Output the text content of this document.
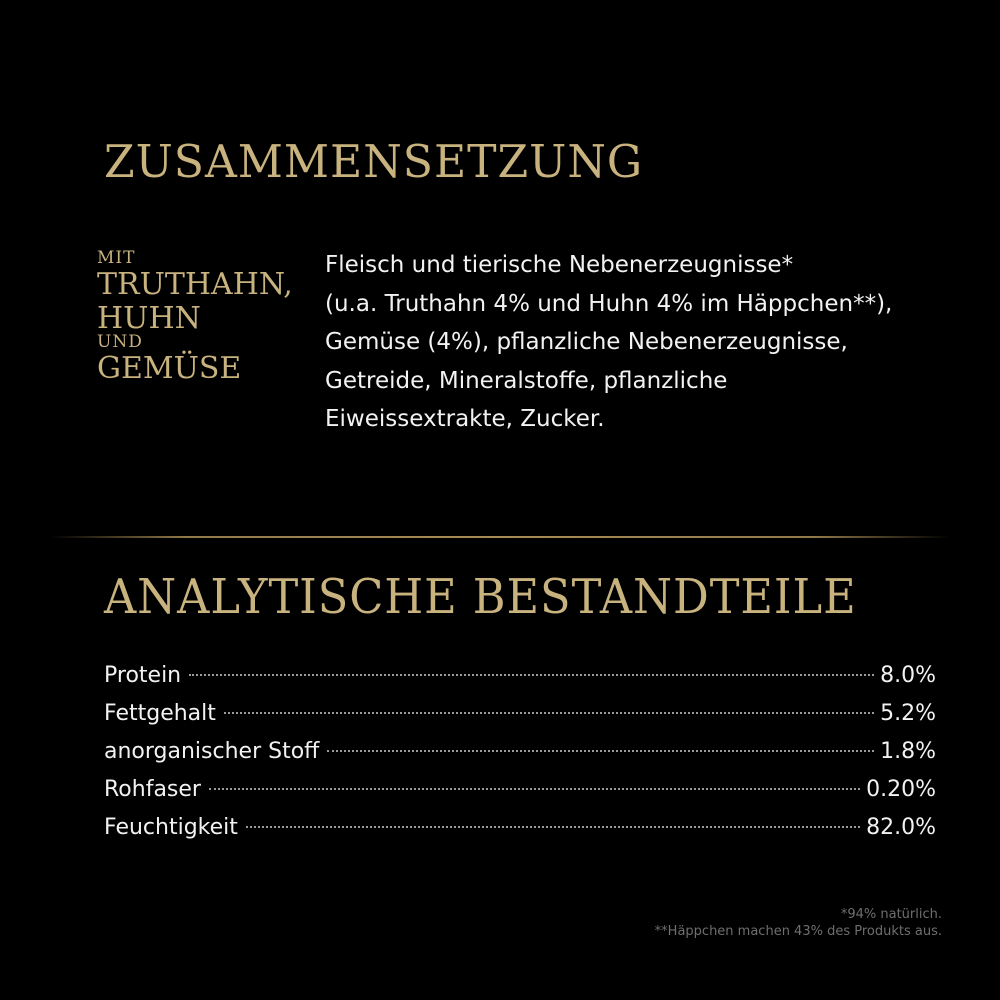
ZUSAMMENSETZUNG
MIT
TRUTHAHN,
HUHN
UND
GEMÜSE
Fleisch und tierische Nebenerzeugnisse*
(u.a. Truthahn 4% und Huhn 4% im Häppchen**),
Gemüse (4%), pflanzliche Nebenerzeugnisse,
Getreide, Mineralstoffe, pflanzliche
Eiweissextrakte, Zucker.
ANALYTISCHE BESTANDTEILE
Protein	8.0%
Fettgehalt	5.2%
anorganischer Stoff	1.8%
Rohfaser	0.20%
Feuchtigkeit	82.0%
*94% natürlich.
**Häppchen machen 43% des Produkts aus.
